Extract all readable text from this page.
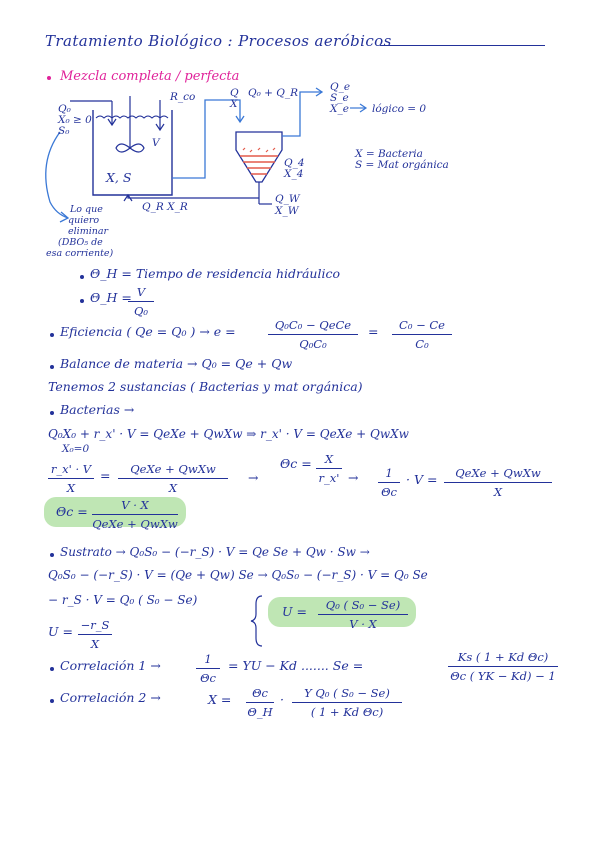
Tratamiento Biológico : Procesos aeróbicos
Mezcla completa / perfecta
Q₀
X₀ ≥ 0
S₀
R_co
V
X, S
Q
X
Q₀ + Q_R	Q_e
S_e
X_e lógico = 0
Q_4
X_4
Q_R X_R
Q_W
X_W
X = Bacteria
S = Mat orgánica
Lo que
quiero
eliminar
(DBO₅ de
esa corriente)
Θ_H = Tiempo de residencia hidráulico
Θ_H = V
Q₀
Eficiencia ( Qe = Q₀ ) → e =	Q₀C₀ − QeCe
Q₀C₀
=	C₀ − Ce
C₀
Balance de materia → Q₀ = Qe + Qw
Tenemos 2 sustancias ( Bacterias y mat orgánica)
Bacterias →
Q₀X₀ + r_x' · V = QeXe + QwXw ⇒ r_x' · V = QeXe + QwXw
X₀=0
r_x' · V
X
=	QeXe + QwXw
X
→
Θc =	X
r_x' →	1
Θc
· V =	QeXe + QwXw
X
Θc =	V · X
QeXe + QwXw
Sustrato → Q₀S₀ − (−r_S) · V = Qe Se + Qw · Sw →
Q₀S₀ − (−r_S) · V = (Qe + Qw) Se → Q₀S₀ − (−r_S) · V = Q₀ Se
− r_S · V = Q₀ ( S₀ − Se)
U = −r_S
X
U =	Q₀ ( S₀ − Se)
V · X
Correlación 1 →	1
Θc
= YU − Kd ....... Se =
Ks ( 1 + Kd Θc)
Θc ( YK − Kd) − 1
Correlación 2 →	X =	Θc
Θ_H
·	Y Q₀ ( S₀ − Se)
( 1 + Kd Θc)
